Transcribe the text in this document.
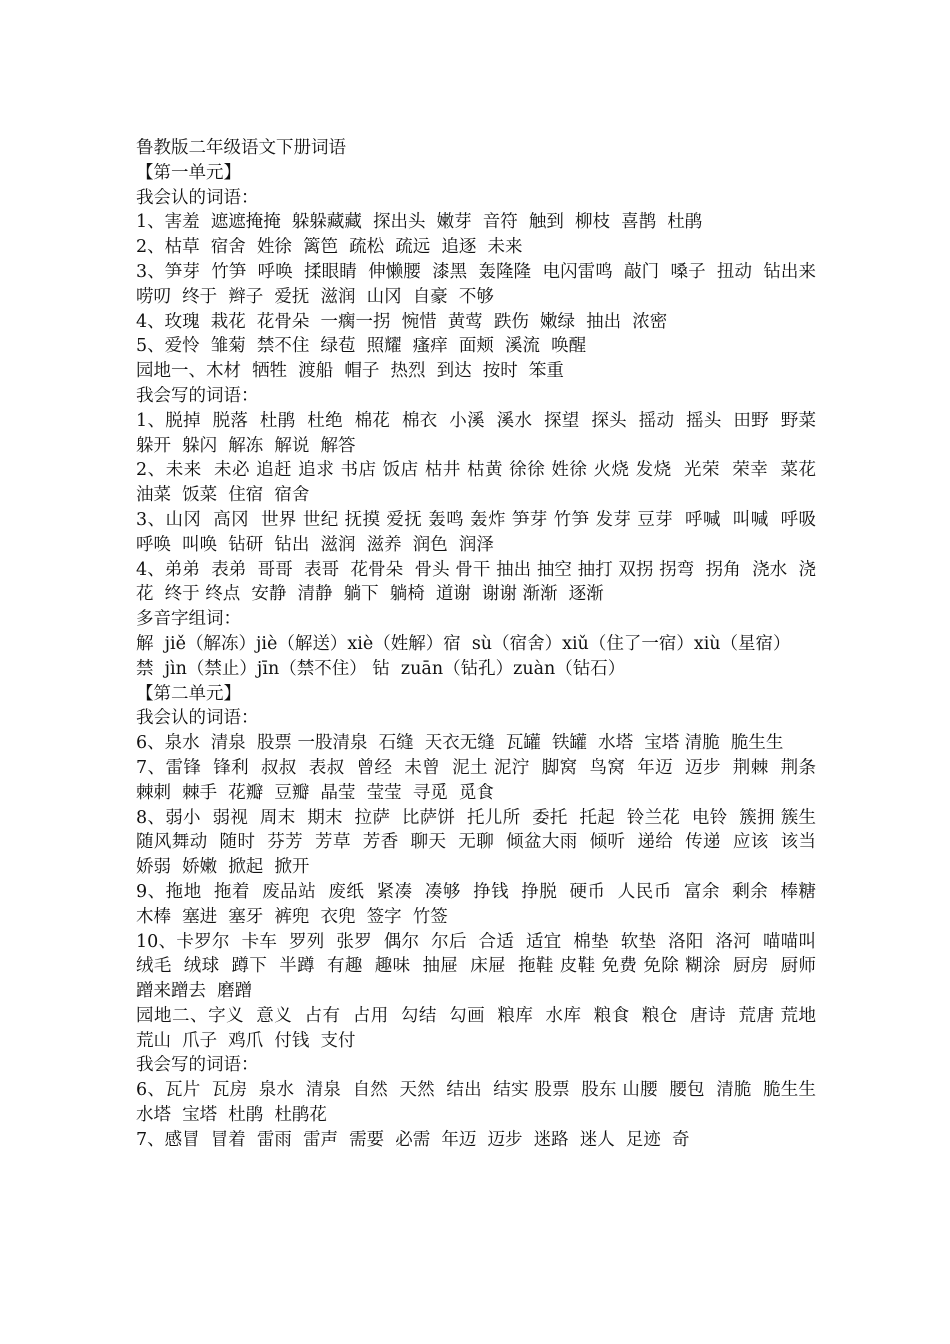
鲁教版二年级语文下册词语

【第一单元】

我会认的词语：

1、害羞  遮遮掩掩  躲躲藏藏  探出头  嫩芽  音符  触到  柳枝  喜鹊  杜鹃

2、枯草  宿舍  姓徐  篱笆  疏松  疏远  追逐  未来

3、笋芽  竹笋  呼唤  揉眼睛  伸懒腰  漆黑  轰隆隆  电闪雷鸣  敲门  嗓子  扭动  钻出来  唠叨  终于  辫子  爱抚  滋润  山冈  自豪  不够

4、玫瑰  栽花  花骨朵  一瘸一拐  惋惜  黄莺  跌伤  嫩绿  抽出  浓密

5、爱怜  雏菊  禁不住  绿苞  照耀  瘙痒  面颊  溪流  唤醒

园地一、木材  牺牲  渡船  帽子  热烈  到达  按时  笨重

我会写的词语：

1、脱掉  脱落  杜鹃  杜绝  棉花  棉衣  小溪  溪水  探望  探头  摇动  摇头  田野  野菜 躲开  躲闪  解冻  解说  解答

2、未来  未必 追赶 追求 书店 饭店 枯井 枯黄 徐徐 姓徐 火烧 发烧  光荣  荣幸  菜花  油菜  饭菜  住宿  宿舍

3、山冈  高冈  世界 世纪 抚摸 爱抚 轰鸣 轰炸 笋芽 竹笋 发芽 豆芽  呼喊  叫喊  呼吸  呼唤  叫唤  钻研  钻出  滋润  滋养  润色  润泽

4、弟弟  表弟  哥哥  表哥  花骨朵  骨头 骨干 抽出 抽空 抽打 双拐 拐弯  拐角  浇水  浇花  终于 终点  安静  清静  躺下  躺椅  道谢  谢谢 渐渐  逐渐

多音字组词：

解  jiě（解冻）jiè（解送）xiè（姓解）宿  sù（宿舍）xiǔ（住了一宿）xiù（星宿）

禁  jìn（禁止）jīn（禁不住） 钻  zuān（钻孔）zuàn（钻石）

【第二单元】

我会认的词语：

6、泉水  清泉  股票 一股清泉  石缝  天衣无缝  瓦罐  铁罐  水塔  宝塔 清脆  脆生生

7、雷锋  锋利  叔叔  表叔  曾经  未曾  泥土 泥泞  脚窝  鸟窝  年迈  迈步  荆棘  荆条  棘刺  棘手  花瓣  豆瓣  晶莹  莹莹  寻觅  觅食

8、弱小  弱视  周末  期末  拉萨  比萨饼  托儿所  委托  托起  铃兰花  电铃  簇拥 簇生  随风舞动  随时  芬芳  芳草  芳香  聊天  无聊  倾盆大雨  倾听  递给  传递  应该  该当  娇弱  娇嫩  掀起  掀开

9、拖地  拖着  废品站  废纸  紧凑  凑够  挣钱  挣脱  硬币  人民币  富余  剩余  棒糖  木棒  塞进  塞牙  裤兜  衣兜  签字  竹签

10、卡罗尔  卡车  罗列  张罗  偶尔  尔后  合适  适宜  棉垫  软垫  洛阳  洛河  喵喵叫  绒毛  绒球  蹲下  半蹲  有趣  趣味  抽屉  床屉  拖鞋 皮鞋 免费 免除 糊涂  厨房  厨师  蹭来蹭去  磨蹭

园地二、字义  意义  占有  占用  勾结  勾画  粮库  水库  粮食  粮仓  唐诗  荒唐 荒地  荒山  爪子  鸡爪  付钱  支付

我会写的词语：

6、瓦片  瓦房  泉水  清泉  自然  天然  结出  结实 股票  股东 山腰  腰包  清脆  脆生生  水塔  宝塔  杜鹃  杜鹃花

7、感冒  冒着  雷雨  雷声  需要  必需  年迈  迈步  迷路  迷人  足迹  奇
